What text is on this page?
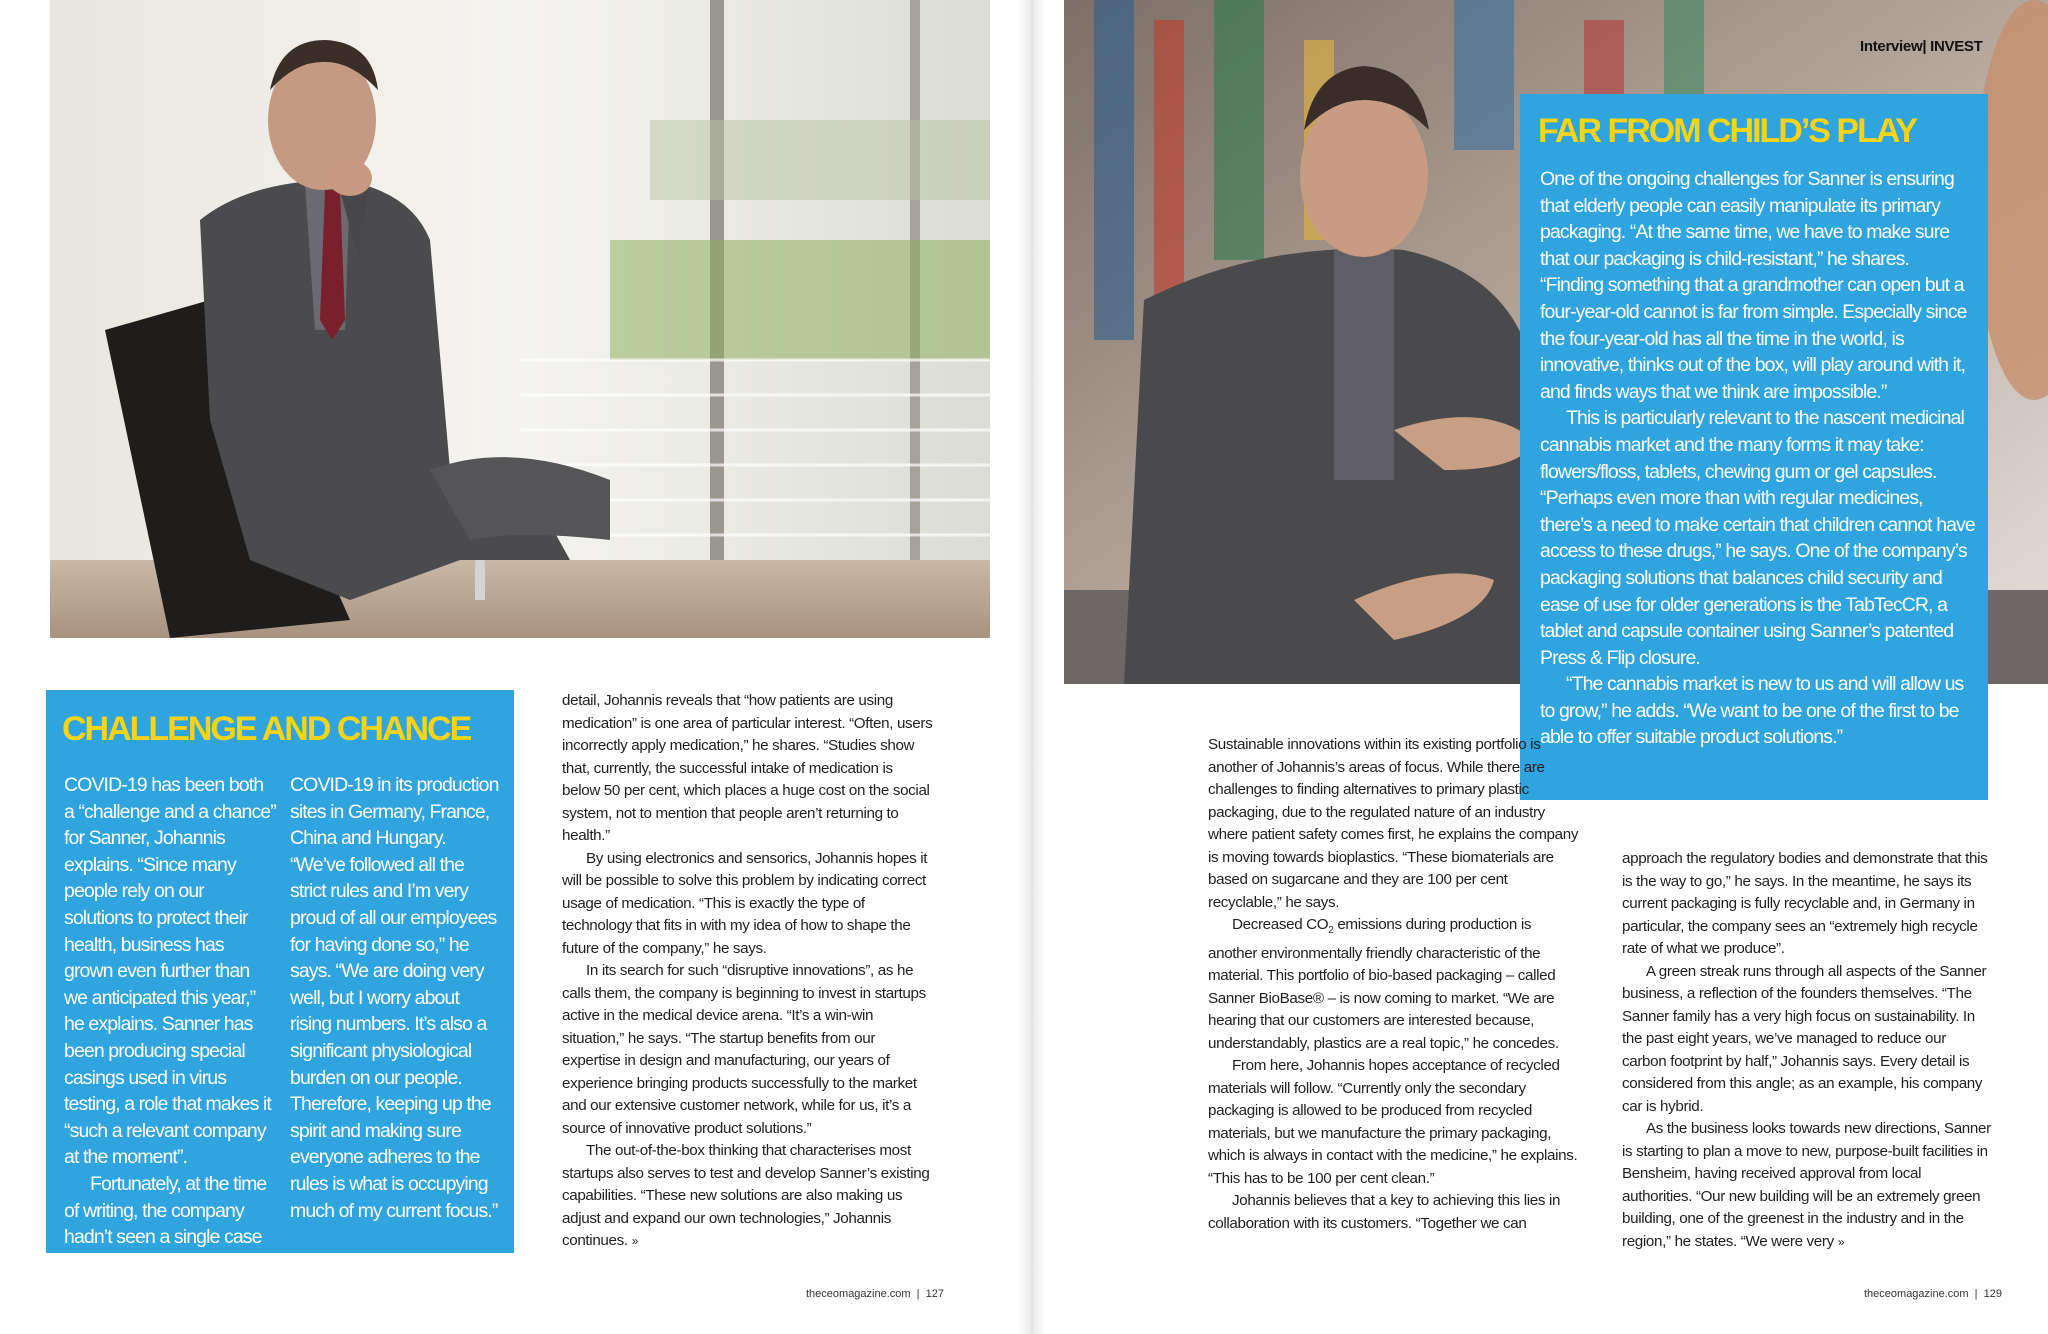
Interview| INVEST
CHALLENGE AND CHANCE

COVID-19 has been both a “challenge and a chance” for Sanner, Johannis explains. “Since many people rely on our solutions to protect their health, business has grown even further than we anticipated this year,” he explains. Sanner has been producing special casings used in virus testing, a role that makes it “such a relevant company at the moment”.

Fortunately, at the time of writing, the company hadn’t seen a single case of

COVID-19 in its production sites in Germany, France, China and Hungary. “We’ve followed all the strict rules and I’m very proud of all our employees for having done so,” he says. “We are doing very well, but I worry about rising numbers. It’s also a significant physiological burden on our people. Therefore, keeping up the spirit and making sure everyone adheres to the rules is what is occupying much of my current focus.”

detail, Johannis reveals that “how patients are using medication” is one area of particular interest. “Often, users incorrectly apply medication,” he shares. “Studies show that, currently, the successful intake of medication is below 50 per cent, which places a huge cost on the social system, not to mention that people aren’t returning to health.”

By using electronics and sensorics, Johannis hopes it will be possible to solve this problem by indicating correct usage of medication. “This is exactly the type of technology that fits in with my idea of how to shape the future of the company,” he says.

In its search for such “disruptive innovations”, as he calls them, the company is beginning to invest in startups active in the medical device arena. “It’s a win-win situation,” he says. “The startup benefits from our expertise in design and manufacturing, our years of experience bringing products successfully to the market and our extensive customer network, while for us, it’s a source of innovative product solutions.”

The out-of-the-box thinking that characterises most startups also serves to test and develop Sanner’s existing capabilities. “These new solutions are also making us adjust and expand our own technologies,” Johannis continues. »

FAR FROM CHILD’S PLAY

One of the ongoing challenges for Sanner is ensuring that elderly people can easily manipulate its primary packaging. “At the same time, we have to make sure that our packaging is child-resistant,” he shares. “Finding something that a grandmother can open but a four-year-old cannot is far from simple. Especially since the four-year-old has all the time in the world, is innovative, thinks out of the box, will play around with it, and finds ways that we think are impossible.”

This is particularly relevant to the nascent medicinal cannabis market and the many forms it may take: flowers/floss, tablets, chewing gum or gel capsules. “Perhaps even more than with regular medicines, there’s a need to make certain that children cannot have access to these drugs,” he says. One of the company’s packaging solutions that balances child security and ease of use for older generations is the TabTecCR, a tablet and capsule container using Sanner’s patented Press & Flip closure.

“The cannabis market is new to us and will allow us to grow,” he adds. “We want to be one of the first to be able to offer suitable product solutions.”

Sustainable innovations within its existing portfolio is another of Johannis’s areas of focus. While there are challenges to finding alternatives to primary plastic packaging, due to the regulated nature of an industry where patient safety comes first, he explains the company is moving towards bioplastics. “These biomaterials are based on sugarcane and they are 100 per cent recyclable,” he says.

Decreased $CO_2$ emissions during production is another environmentally friendly characteristic of the material. This portfolio of bio-based packaging – called Sanner BioBase® – is now coming to market. “We are hearing that our customers are interested because, understandably, plastics are a real topic,” he concedes.

From here, Johannis hopes acceptance of recycled materials will follow. “Currently only the secondary packaging is allowed to be produced from recycled materials, but we manufacture the primary packaging, which is always in contact with the medicine,” he explains. “This has to be 100 per cent clean.”

Johannis believes that a key to achieving this lies in collaboration with its customers. “Together we can

approach the regulatory bodies and demonstrate that this is the way to go,” he says. In the meantime, he says its current packaging is fully recyclable and, in Germany in particular, the company sees an “extremely high recycle rate of what we produce”.

A green streak runs through all aspects of the Sanner business, a reflection of the founders themselves. “The Sanner family has a very high focus on sustainability. In the past eight years, we’ve managed to reduce our carbon footprint by half,” Johannis says. Every detail is considered from this angle; as an example, his company car is hybrid.

As the business looks towards new directions, Sanner is starting to plan a move to new, purpose-built facilities in Bensheim, having received approval from local authorities. “Our new building will be an extremely green building, one of the greenest in the industry and in the region,” he states. “We were very »

theceomagazine.com  |  127	theceomagazine.com  |  129
